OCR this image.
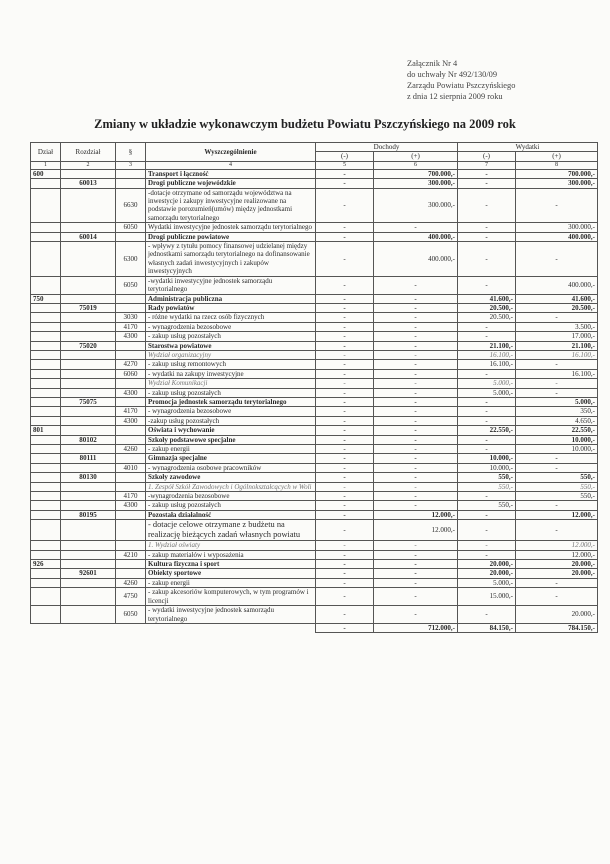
Załącznik Nr 4
do uchwały Nr 492/130/09
Zarządu Powiatu Pszczyńskiego
z dnia 12 sierpnia 2009 roku
Zmiany w układzie wykonawczym budżetu Powiatu Pszczyńskiego na 2009 rok
Dział	Rozdział	§	Wyszczególnienie	Dochody		Wydatki	
				(-)	(+)	(-)	(+)
1	2	3	4	5	6	7	8
600			Transport i łączność	-	700.000,-	-	700.000,-
	60013		Drogi publiczne wojewódzkie	-	300.000,-	-	300.000,-
		6630	-dotacje otrzymane od samorządu województwa na inwestycje i zakupy inwestycyjne realizowane na podstawie porozumień(umów) między jednostkami samorządu terytorialnego	-	300.000,-	-	-
		6050	Wydatki inwestycyjne jednostek samorządu terytorialnego	-	-	-	300.000,-
	60014		Drogi publiczne powiatowe	-	400.000,-	-	400.000,-
		6300	- wpływy z tytułu pomocy finansowej udzielanej między jednostkami samorządu terytorialnego na dofinansowanie własnych zadań inwestycyjnych i zakupów inwestycyjnych	-	400.000,-	-	-
		6050	-wydatki inwestycyjne jednostek samorządu terytorialnego	-	-	-	400.000,-
750			Administracja publiczna	-	-	41.600,-	41.600,-
	75019		Rady powiatów	-	-	20.500,-	20.500,-
		3030	- różne wydatki na rzecz osób fizycznych	-	-	20.500,-	-
		4170	- wynagrodzenia bezosobowe	-	-	-	3.500,-
		4300	- zakup usług pozostałych	-	-	-	17.000,-
	75020		Starostwa powiatowe	-	-	21.100,-	21.100,-
			Wydział organizacyjny	-	-	16.100,-	16.100,-
		4270	- zakup usług remontowych	-	-	16.100,-	-
		6060	- wydatki na zakupy inwestycyjne	-	-	-	16.100,-
			Wydział Komunikacji	-	-	5.000,-	-
		4300	- zakup usług pozostałych	-	-	5.000,-	-
	75075		Promocja jednostek samorządu terytorialnego	-	-	-	5.000,-
		4170	- wynagrodzenia bezosobowe	-	-	-	350,-
		4300	-zakup usług pozostałych	-	-	-	4.650,-
801			Oświata i wychowanie	-	-	22.550,-	22.550,-
	80102		Szkoły podstawowe specjalne	-	-	-	10.000,-
		4260	- zakup energii	-	-	-	10.000,-
	80111		Gimnazja specjalne	-	-	10.000,-	-
		4010	- wynagrodzenia osobowe pracowników	-	-	10.000,-	-
	80130		Szkoły zawodowe	-	-	550,-	550,-
			1. Zespół Szkół Zawodowych i Ogólnokształcących w Woli	-	-	550,-	550,-
		4170	-wynagrodzenia bezosobowe	-	-	-	550,-
		4300	- zakup usług pozostałych	-	-	550,-	-
	80195		Pozostała działalność	-	12.000,-	-	12.000,-
			- dotacje celowe otrzymane z budżetu na realizację bieżących zadań własnych powiatu	-	12.000,-	-	-
			1. Wydział oświaty	-	-	-	12.000,-
		4210	- zakup materiałów i wyposażenia	-	-	-	12.000,-
926			Kultura fizyczna i sport	-	-	20.000,-	20.000,-
	92601		Obiekty sportowe	-	-	20.000,-	20.000,-
		4260	- zakup energii	-	-	5.000,-	-
		4750	- zakup akcesoriów komputerowych, w tym programów i licencji	-	-	15.000,-	-
		6050	- wydatki inwestycyjne jednostek samorządu terytorialnego	-	-	-	20.000,-
				-	712.000,-	84.150,-	784.150,-
